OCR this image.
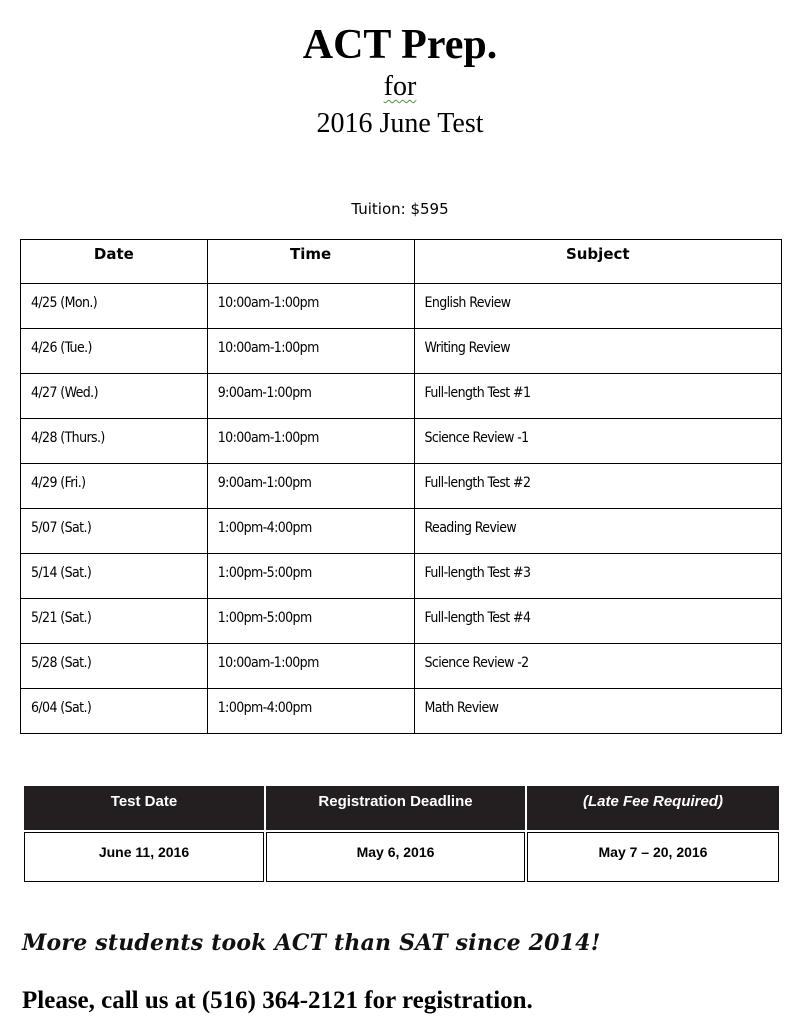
ACT Prep.
for
2016 June Test
Tuition: $595
Date	Time	Subject
4/25 (Mon.)	10:00am-1:00pm	English Review
4/26 (Tue.)	10:00am-1:00pm	Writing Review
4/27 (Wed.)	9:00am-1:00pm	Full-length Test #1
4/28 (Thurs.)	10:00am-1:00pm	Science Review -1
4/29 (Fri.)	9:00am-1:00pm	Full-length Test #2
5/07 (Sat.)	1:00pm-4:00pm	Reading Review
5/14 (Sat.)	1:00pm-5:00pm	Full-length Test #3
5/21 (Sat.)	1:00pm-5:00pm	Full-length Test #4
5/28 (Sat.)	10:00am-1:00pm	Science Review -2
6/04 (Sat.)	1:00pm-4:00pm	Math Review
Test Date	Registration Deadline	(Late Fee Required)
June 11, 2016	May 6, 2016	May 7 – 20, 2016
More students took ACT than SAT since 2014!
Please, call us at (516) 364-2121 for registration.
